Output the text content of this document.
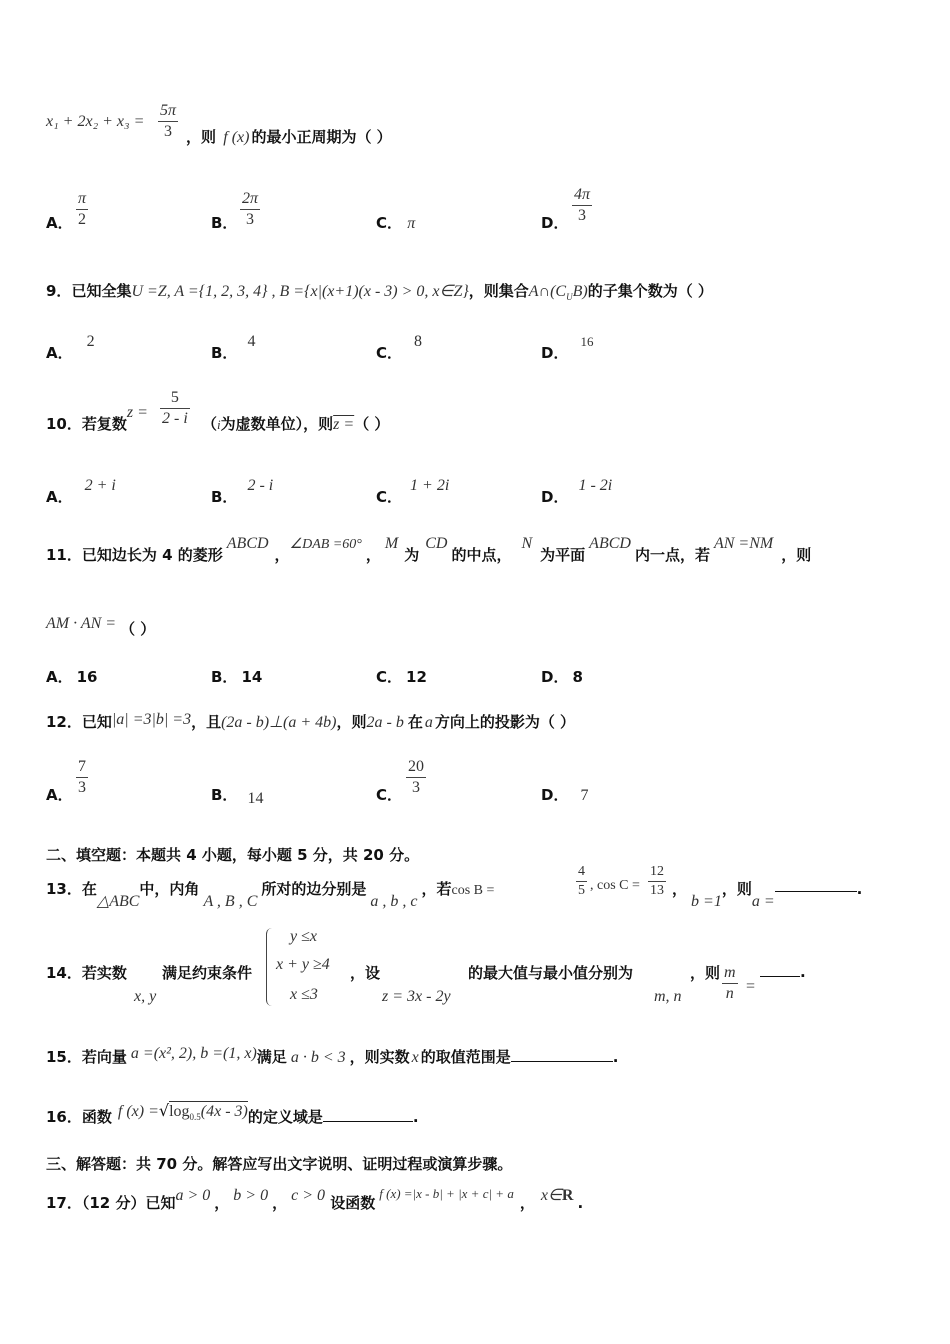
x₁ + 2x₂ + x₃ =
5π
3 ，则 f (x) 的最小正周期为（ ）
A．
π
2	B．
2π
3	C． π	D．
4π
3
9．已知全集U =Z, A ={1, 2, 3, 4} , B ={x|(x+1)(x - 3) > 0, x∈Z}，则集合$A\cap(C_UB)$的子集个数为（ ）
A．2
B．4
C．8
D．16
10．若复数z =
5
2 - i （i为虚数单位），则z =（ ）
A．2 + i
B．2 - i
C．1 + 2i
D．1 - 2i
11．已知边长为 4 的菱形ABCD，∠DAB =60°，M为CD的中点，N为平面ABCD内一点，若AN =NM，则
AM · AN = （ ）
A． 16	B． 14	C． 12	D． 8
12．已知|a| =3|b| =3，且(2a - b)⊥(a + 4b)，则2a - b 在 a 方向上的投影为（ ）
A．
7
3	B． 14	C．
20
3	D． 7
二、填空题：本题共 4 小题，每小题 5 分，共 20 分。
13．在△ABC中，内角A , B , C所对的边分别是a , b , c，若cos B =
4
5 , cos C =
12
13 ，b =1，则a =.
14．若实数
x, y
满足约束条件
y ≤x
x + y ≥4
x ≤3
，设
z = 3x - 2y
的最大值与最小值分别为
m, n
，则 m
n =
.
15．若向量 a =(x², 2), b =(1, x)满足 a · b < 3 ，则实数 x 的取值范围是	.
16．函数 f $(x) =√\log_{0.5}(4x - 3)$的定义域是	.
三、解答题：共 70 分。解答应写出文字说明、证明过程或演算步骤。
17．（12 分）已知a > 0 ， b > 0 ， c > 0 设函数f (x) =|x - b| + |x + c| + a， x∈R .
